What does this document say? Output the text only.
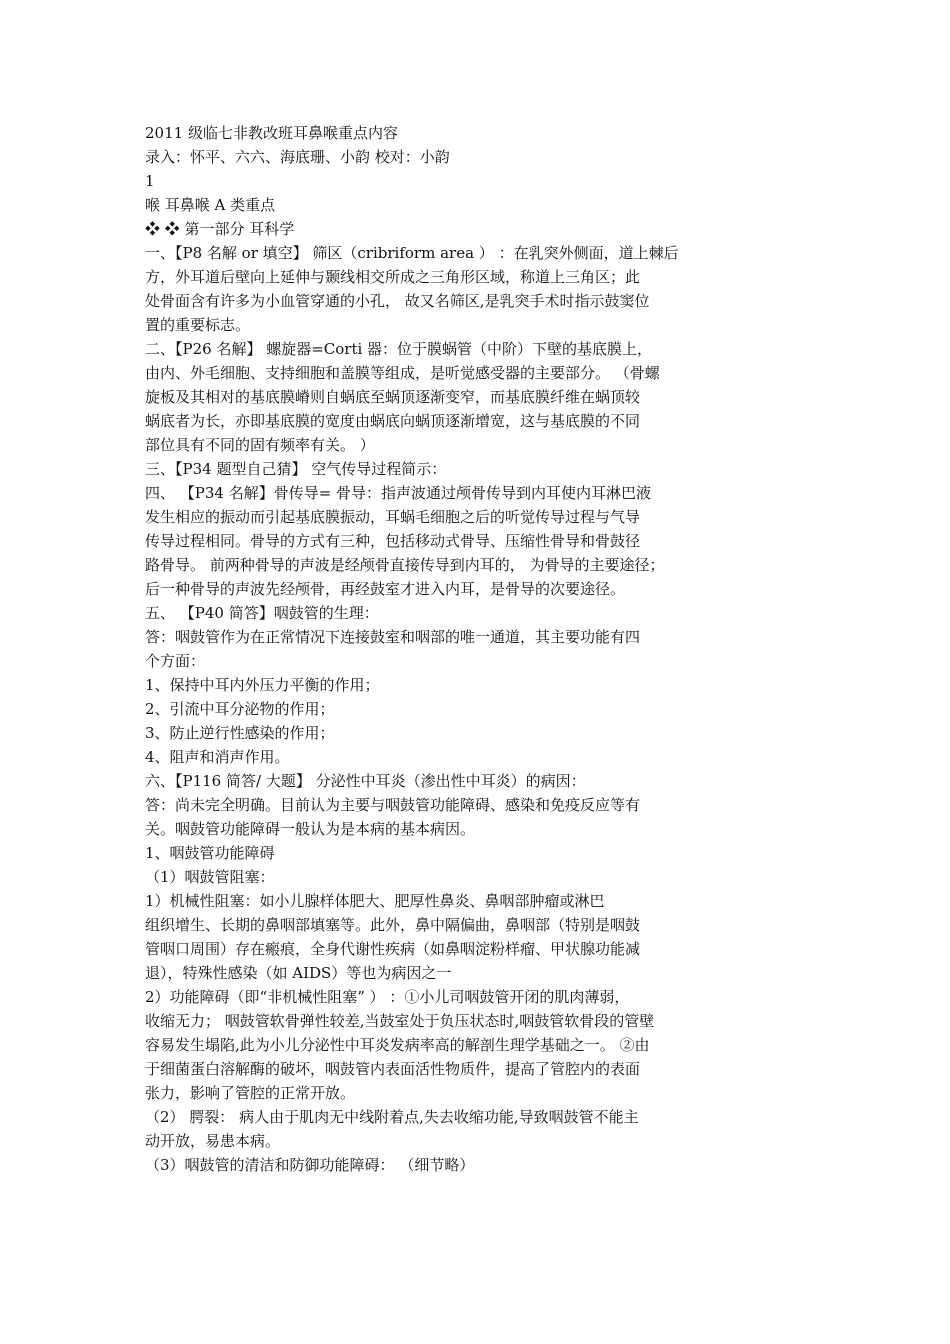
2011 级临七非教改班耳鼻喉重点内容
录入：怀平、六六、海底珊、小韵 校对：小韵
1
喉 耳鼻喉 A 类重点
❖ ❖ 第一部分 耳科学
一、【P8 名解 or 填空】 筛区（cribriform area ） ：在乳突外侧面，道上棘后
方，外耳道后壁向上延伸与颞线相交所成之三角形区域，称道上三角区；此
处骨面含有许多为小血管穿通的小孔， 故又名筛区,是乳突手术时指示鼓窦位
置的重要标志。
二、【P26 名解】 螺旋器=Corti 器：位于膜蜗管（中阶）下壁的基底膜上，
由内、外毛细胞、支持细胞和盖膜等组成，是听觉感受器的主要部分。 （骨螺
旋板及其相对的基底膜嵴则自蜗底至蜗顶逐渐变窄，而基底膜纤维在蜗顶较
蜗底者为长，亦即基底膜的宽度由蜗底向蜗顶逐渐增宽，这与基底膜的不同
部位具有不同的固有频率有关。 ）
三、【P34 题型自己猜】 空气传导过程简示：
四、 【P34 名解】骨传导= 骨导：指声波通过颅骨传导到内耳使内耳淋巴液
发生相应的振动而引起基底膜振动，耳蜗毛细胞之后的听觉传导过程与气导
传导过程相同。骨导的方式有三种，包括移动式骨导、压缩性骨导和骨鼓径
路骨导。 前两种骨导的声波是经颅骨直接传导到内耳的， 为骨导的主要途径；
后一种骨导的声波先经颅骨，再经鼓室才进入内耳，是骨导的次要途径。
五、 【P40 简答】咽鼓管的生理：
答：咽鼓管作为在正常情况下连接鼓室和咽部的唯一通道，其主要功能有四
个方面：
1、保持中耳内外压力平衡的作用；
2、引流中耳分泌物的作用；
3、防止逆行性感染的作用；
4、阻声和消声作用。
六、【P116 简答/ 大题】 分泌性中耳炎（渗出性中耳炎）的病因：
答：尚未完全明确。目前认为主要与咽鼓管功能障碍、感染和免疫反应等有
关。咽鼓管功能障碍一般认为是本病的基本病因。
1、咽鼓管功能障碍
（1）咽鼓管阻塞：
1）机械性阻塞：如小儿腺样体肥大、肥厚性鼻炎、鼻咽部肿瘤或淋巴
组织增生、长期的鼻咽部填塞等。此外，鼻中隔偏曲，鼻咽部（特别是咽鼓
管咽口周围）存在瘢痕，全身代谢性疾病（如鼻咽淀粉样瘤、甲状腺功能减
退），特殊性感染（如 AIDS）等也为病因之一
2）功能障碍（即“非机械性阻塞” ） ：①小儿司咽鼓管开闭的肌肉薄弱，
收缩无力； 咽鼓管软骨弹性较差,当鼓室处于负压状态时,咽鼓管软骨段的管壁
容易发生塌陷,此为小儿分泌性中耳炎发病率高的解剖生理学基础之一。 ②由
于细菌蛋白溶解酶的破坏，咽鼓管内表面活性物质件，提高了管腔内的表面
张力，影响了管腔的正常开放。
（2） 腭裂： 病人由于肌肉无中线附着点,失去收缩功能,导致咽鼓管不能主
动开放，易患本病。
（3）咽鼓管的清洁和防御功能障碍： （细节略）
